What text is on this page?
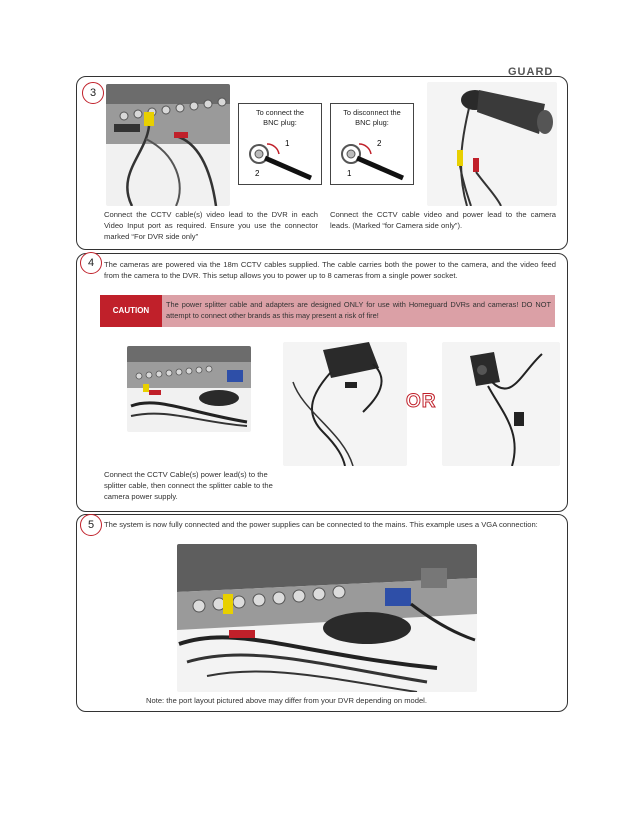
GUARD
3
To connect the BNC plug:
1
2
To disconnect the BNC plug:
2
1
Connect the CCTV cable(s) video lead to the DVR in each Video Input port as required. Ensure you use the connector marked “For DVR side only”
Connect the CCTV cable video and power lead to the camera leads. (Marked “for Camera side only”).
4	The cameras are powered via the 18m CCTV cables supplied. The cable carries both the power to the camera, and the video feed from the camera to the DVR. This setup allows you to power up to 8 cameras from a single power socket.
CAUTION
The power splitter cable and adapters are designed ONLY for use with Homeguard DVRs and cameras! DO NOT attempt to connect other brands as this may present a risk of fire!
OR
Connect the CCTV Cable(s) power lead(s) to the splitter cable, then connect the splitter cable to the camera power supply.
5	The system is now fully connected and the power supplies can be connected to the mains. This example uses a VGA connection:
Note: the port layout pictured above may differ from your DVR depending on model.
